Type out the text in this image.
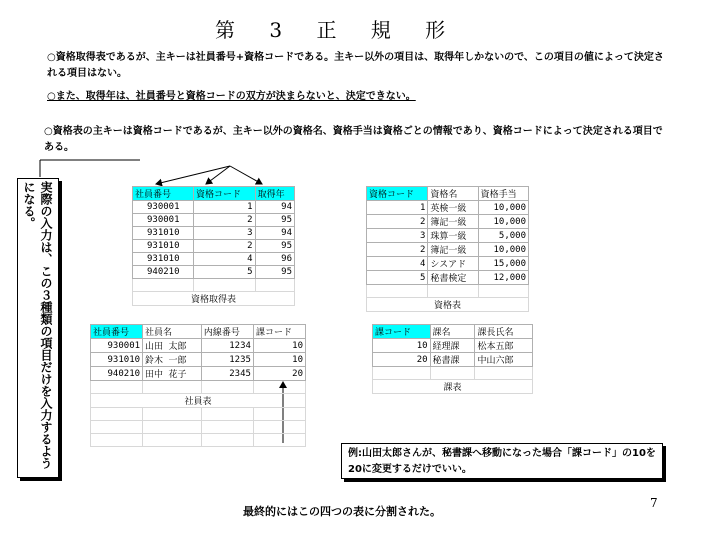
第 3 正 規 形
○資格取得表であるが、主キーは社員番号+資格コードである。主キー以外の項目は、取得年しかないので、この項目の値によって決定される項目はない。
○また、取得年は、社員番号と資格コードの双方が決まらないと、決定できない。
○資格表の主キーは資格コードであるが、主キー以外の資格名、資格手当は資格ごとの情報であり、資格コードによって決定される項目である。
実際の入力は、この３種類の項目だけを入力するようになる。	社員番号	資格コード	取得年
930001	1	94
930001	2	95
931010	3	94
931010	2	95
931010	4	96
940210	5	95

資格取得表		
資格コード	資格名	資格手当
1	英検一級	10,000
2	簿記一級	10,000
3	珠算一級	5,000
2	簿記一級	10,000
4	シスアド	15,000
5	秘書検定	12,000

資格表		
社員番号	社員名	内線番号	課コード
930001	山田 太郎	1234	10
931010	鈴木 一郎	1235	10
940210	田中 花子	2345	20

社員表			

課コード	課名	課長氏名
10	経理課	松本五郎
20	秘書課	中山六郎

課表		
例:山田太郎さんが、秘書課へ移動になった場合「課コード」の10を20に変更するだけでいい。
最終的にはこの四つの表に分割された。
7
